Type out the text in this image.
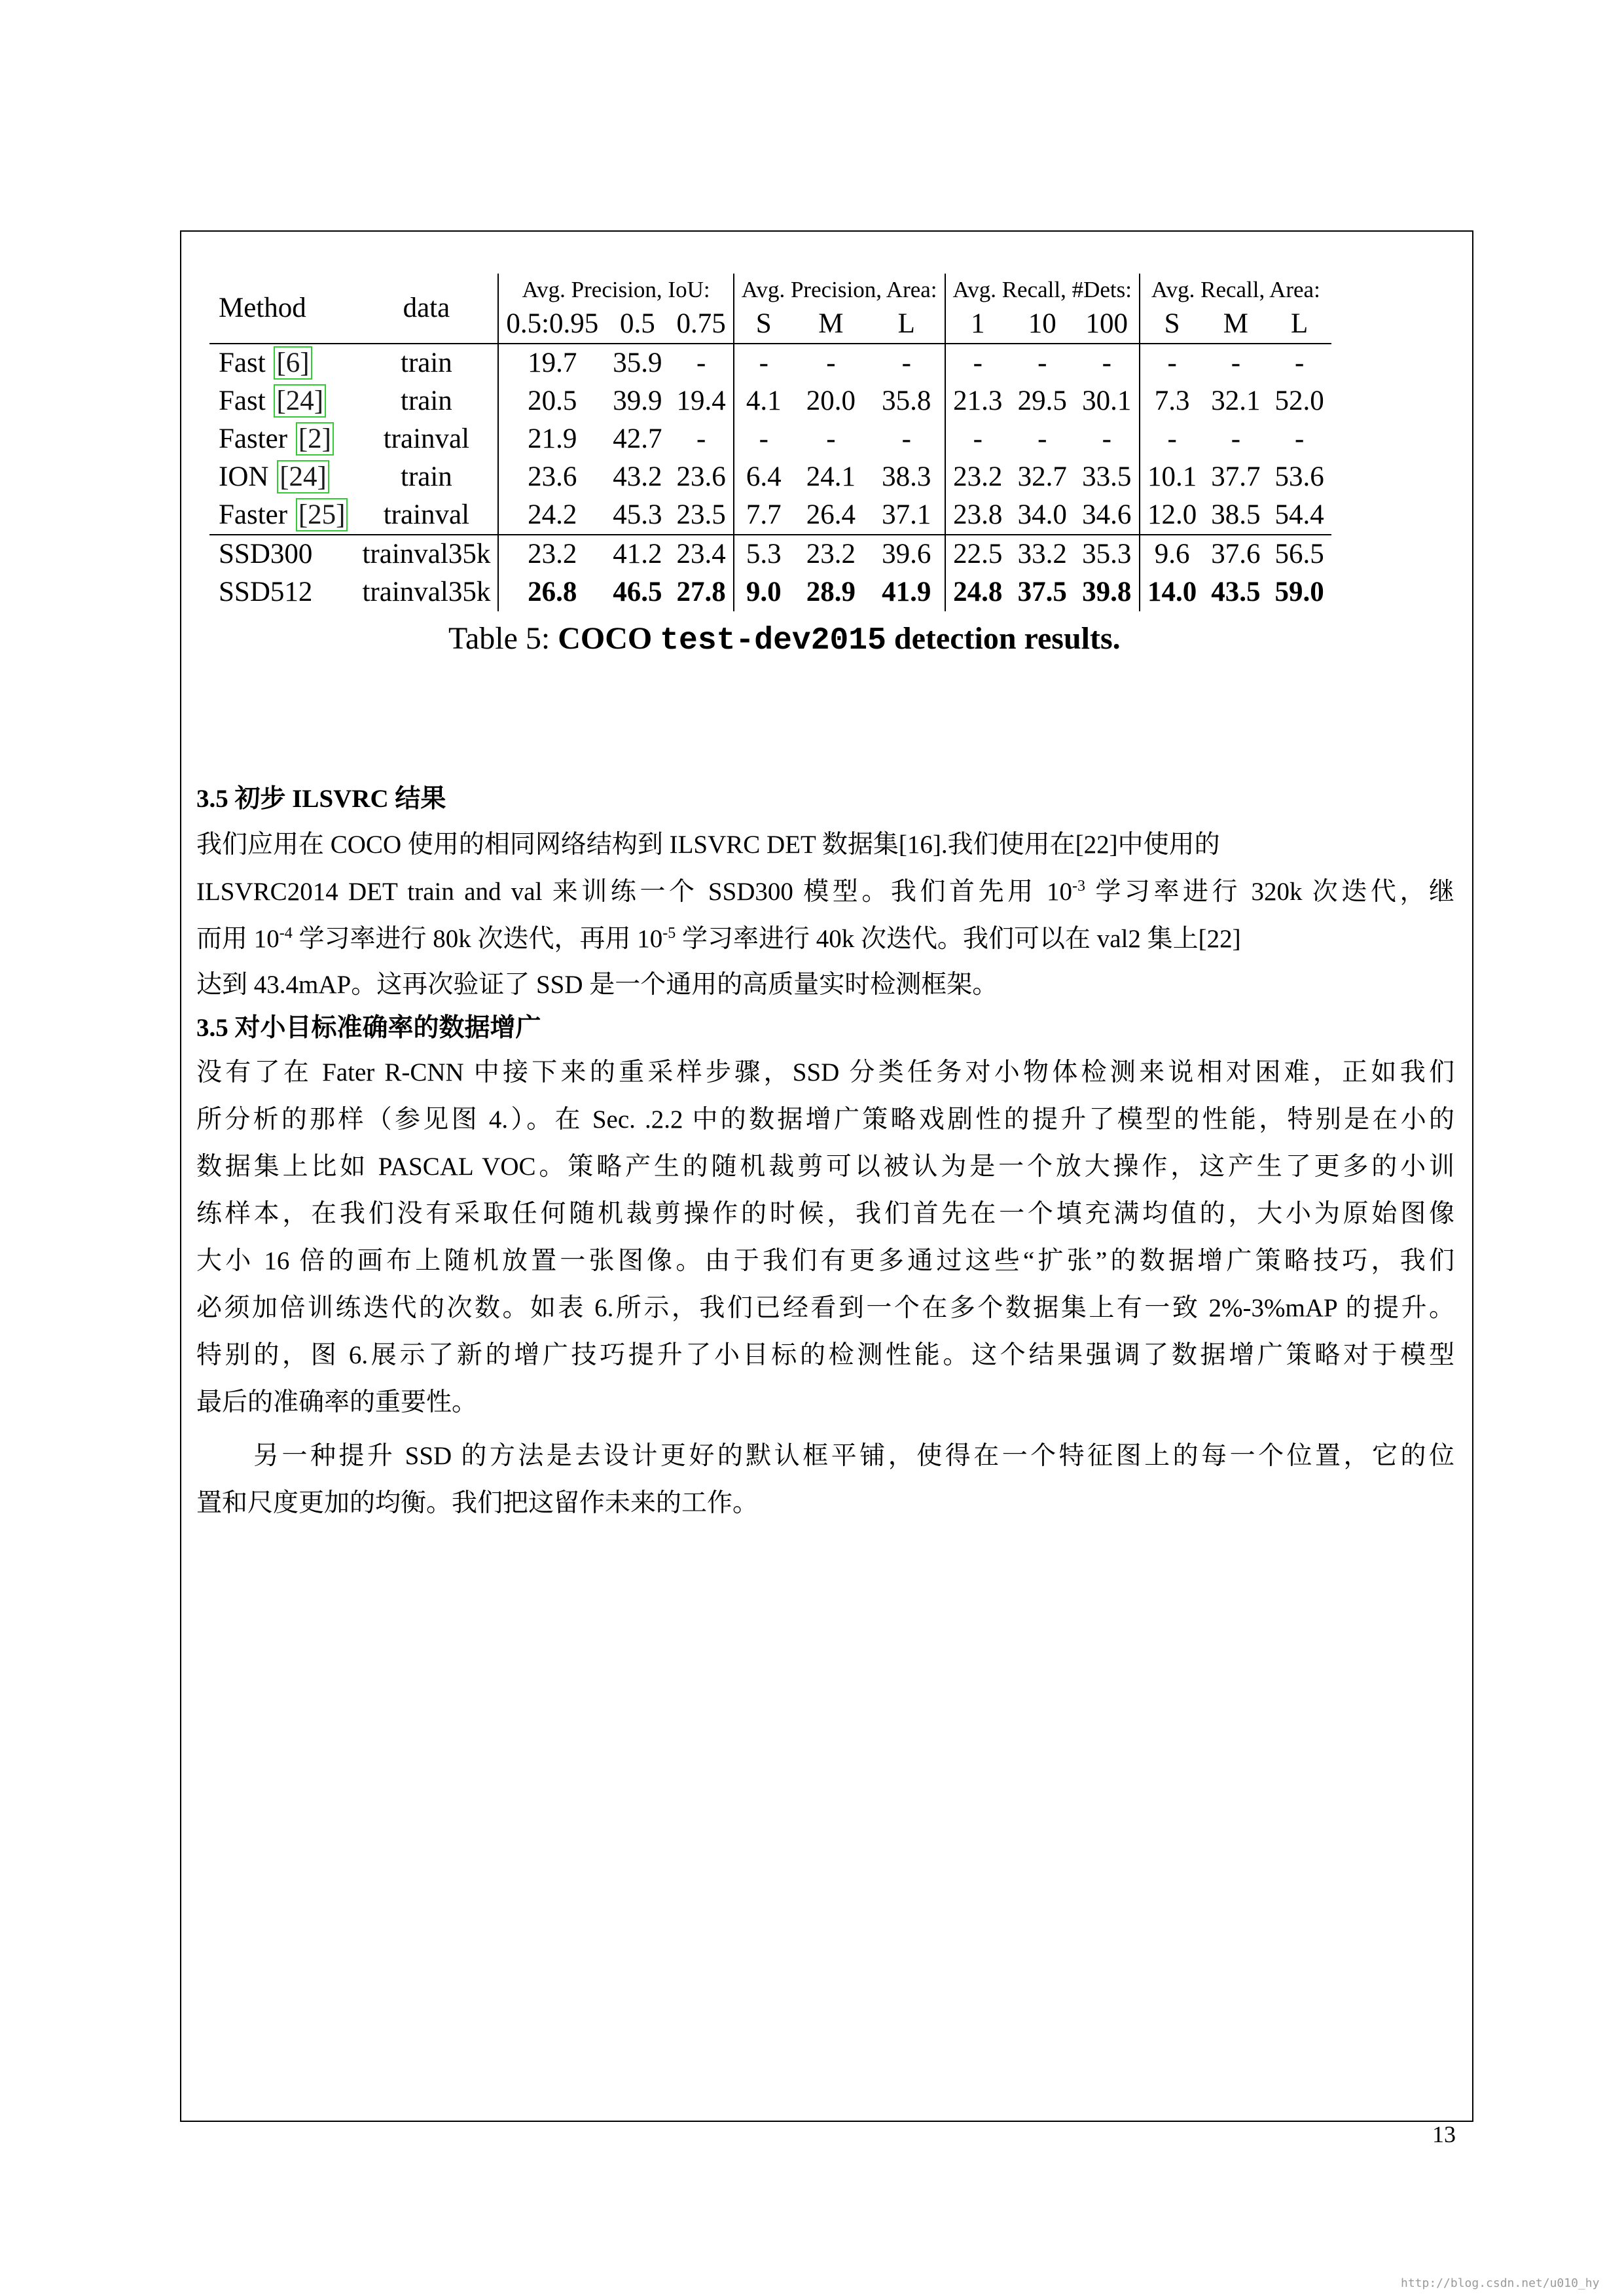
Method	data	Avg. Precision, IoU:			Avg. Precision, Area:			Avg. Recall, #Dets:			Avg. Recall, Area:		
		0.5:0.95	0.5	0.75	S	M	L	1	10	100	S	M	L
Fast [6]	train	19.7	35.9	-	-	-	-	-	-	-	-	-	-
Fast [24]	train	20.5	39.9	19.4	4.1	20.0	35.8	21.3	29.5	30.1	7.3	32.1	52.0
Faster [2]	trainval	21.9	42.7	-	-	-	-	-	-	-	-	-	-
ION [24]	train	23.6	43.2	23.6	6.4	24.1	38.3	23.2	32.7	33.5	10.1	37.7	53.6
Faster [25]	trainval	24.2	45.3	23.5	7.7	26.4	37.1	23.8	34.0	34.6	12.0	38.5	54.4
SSD300	trainval35k	23.2	41.2	23.4	5.3	23.2	39.6	22.5	33.2	35.3	9.6	37.6	56.5
SSD512	trainval35k	26.8	46.5	27.8	9.0	28.9	41.9	24.8	37.5	39.8	14.0	43.5	59.0
Table 5: COCO test-dev2015 detection results.
3.5 初步 ILSVRC 结果
我们应用在 COCO 使用的相同网络结构到 ILSVRC DET 数据集[16].我们使用在[22]中使用的
ILSVRC2014 DET train and val 来训练一个 SSD300 模型。我们首先用 $10^{-3}$ 学习率进行 320k 次迭代，继
而用 $10^{-4}$ 学习率进行 80k 次迭代，再用 $10^{-5}$ 学习率进行 40k 次迭代。我们可以在 val2 集上[22]
达到 43.4mAP。这再次验证了 SSD 是一个通用的高质量实时检测框架。
3.5 对小目标准确率的数据增广
没有了在 Fater R-CNN 中接下来的重采样步骤，SSD 分类任务对小物体检测来说相对困难，正如我们
所分析的那样（参见图 4.）。在 Sec. .2.2 中的数据增广策略戏剧性的提升了模型的性能，特别是在小的
数据集上比如 PASCAL VOC。策略产生的随机裁剪可以被认为是一个放大操作，这产生了更多的小训
练样本，在我们没有采取任何随机裁剪操作的时候，我们首先在一个填充满均值的，大小为原始图像
大小 16 倍的画布上随机放置一张图像。由于我们有更多通过这些“扩张”的数据增广策略技巧，我们
必须加倍训练迭代的次数。如表 6.所示，我们已经看到一个在多个数据集上有一致 2%-3%mAP 的提升。
特别的，图 6.展示了新的增广技巧提升了小目标的检测性能。这个结果强调了数据增广策略对于模型
最后的准确率的重要性。
　　另一种提升 SSD 的方法是去设计更好的默认框平铺，使得在一个特征图上的每一个位置，它的位
置和尺度更加的均衡。我们把这留作未来的工作。
13
http://blog.csdn.net/u010_hy
